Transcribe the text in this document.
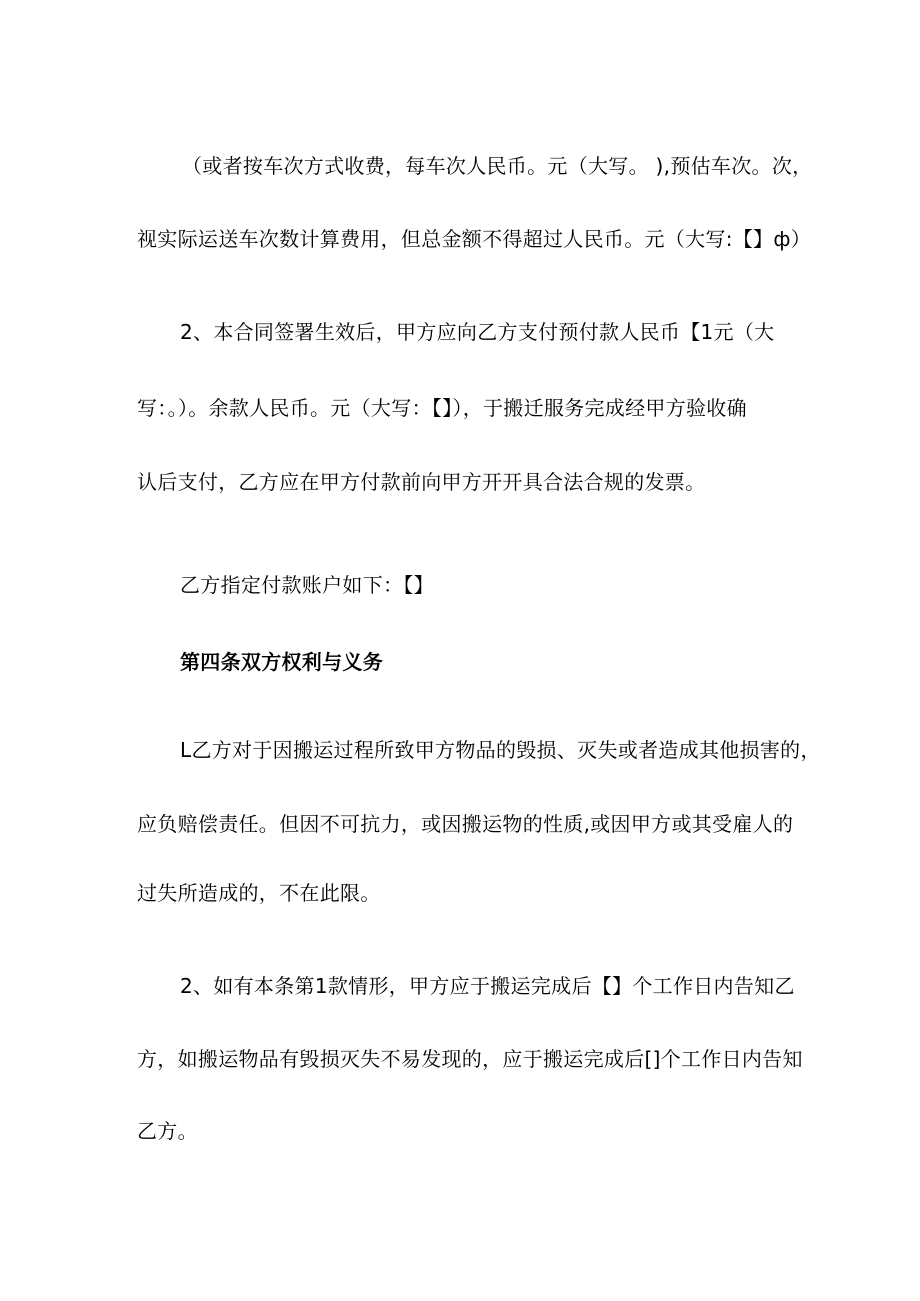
（或者按车次方式收费，每车次人民币。元（大写。 ),预估车次。次，
视实际运送车次数计算费用，但总金额不得超过人民币。元（大写:【】ф）
2、本合同签署生效后，甲方应向乙方支付预付款人民币【1元（大
写：。）。余款人民币。元（大写：【】），于搬迁服务完成经甲方验收确
认后支付，乙方应在甲方付款前向甲方开开具合法合规的发票。
乙方指定付款账户如下：【】
第四条双方权利与义务
L乙方对于因搬运过程所致甲方物品的毁损、灭失或者造成其他损害的，
应负赔偿责任。但因不可抗力，或因搬运物的性质,或因甲方或其受雇人的
过失所造成的，不在此限。
2、如有本条第1款情形，甲方应于搬运完成后【】个工作日内告知乙
方，如搬运物品有毁损灭失不易发现的，应于搬运完成后[]个工作日内告知
乙方。
